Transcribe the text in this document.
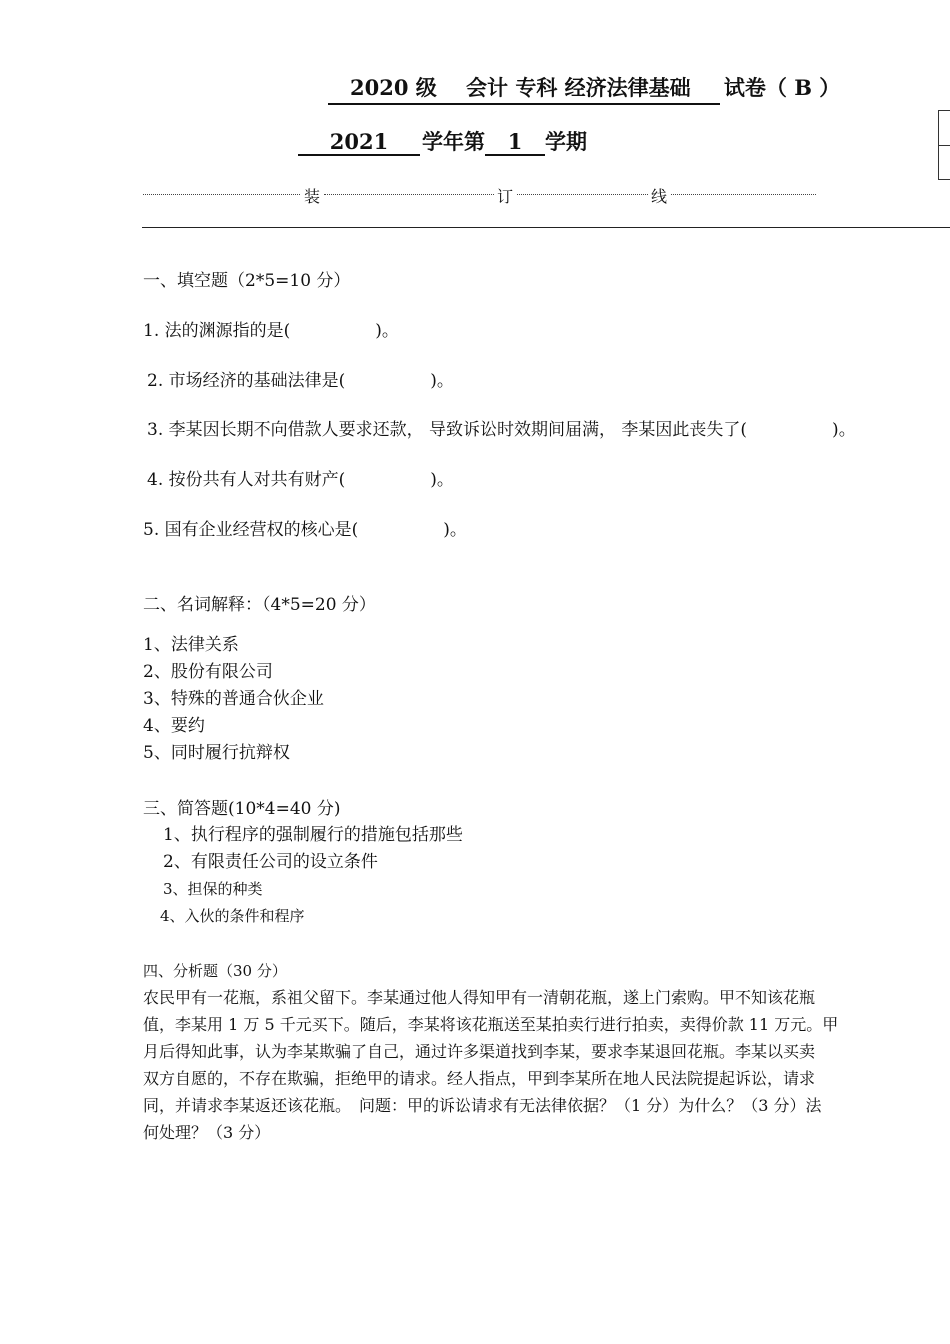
2020 级 会计 专科 经济法律基础 试卷（ B ）
2021 学年第 1 学期
装	订	线
一、填空题（2*5=10 分）
1. 法的渊源指的是(　　　　　)。
2. 市场经济的基础法律是(　　　　　)。
3. 李某因长期不向借款人要求还款， 导致诉讼时效期间届满， 李某因此丧失了(　　　　　)。
4. 按份共有人对共有财产(　　　　　)。
5. 国有企业经营权的核心是(　　　　　)。
二、名词解释：（4*5=20 分）
1、法律关系
2、股份有限公司
3、特殊的普通合伙企业
4、要约
5、同时履行抗辩权
三、简答题(10*4=40 分)
1、执行程序的强制履行的措施包括那些
2、有限责任公司的设立条件
3、担保的种类
4、入伙的条件和程序
四、分析题（30 分）
农民甲有一花瓶，系祖父留下。李某通过他人得知甲有一清朝花瓶，遂上门索购。甲不知该花瓶
值，李某用 1 万 5 千元买下。随后，李某将该花瓶送至某拍卖行进行拍卖，卖得价款 11 万元。甲
月后得知此事，认为李某欺骗了自己，通过许多渠道找到李某，要求李某退回花瓶。李某以买卖
双方自愿的，不存在欺骗，拒绝甲的请求。经人指点，甲到李某所在地人民法院提起诉讼，请求
同，并请求李某返还该花瓶。　问题：甲的诉讼请求有无法律依据？（1 分）为什么？（3 分）法
何处理？（3 分）
